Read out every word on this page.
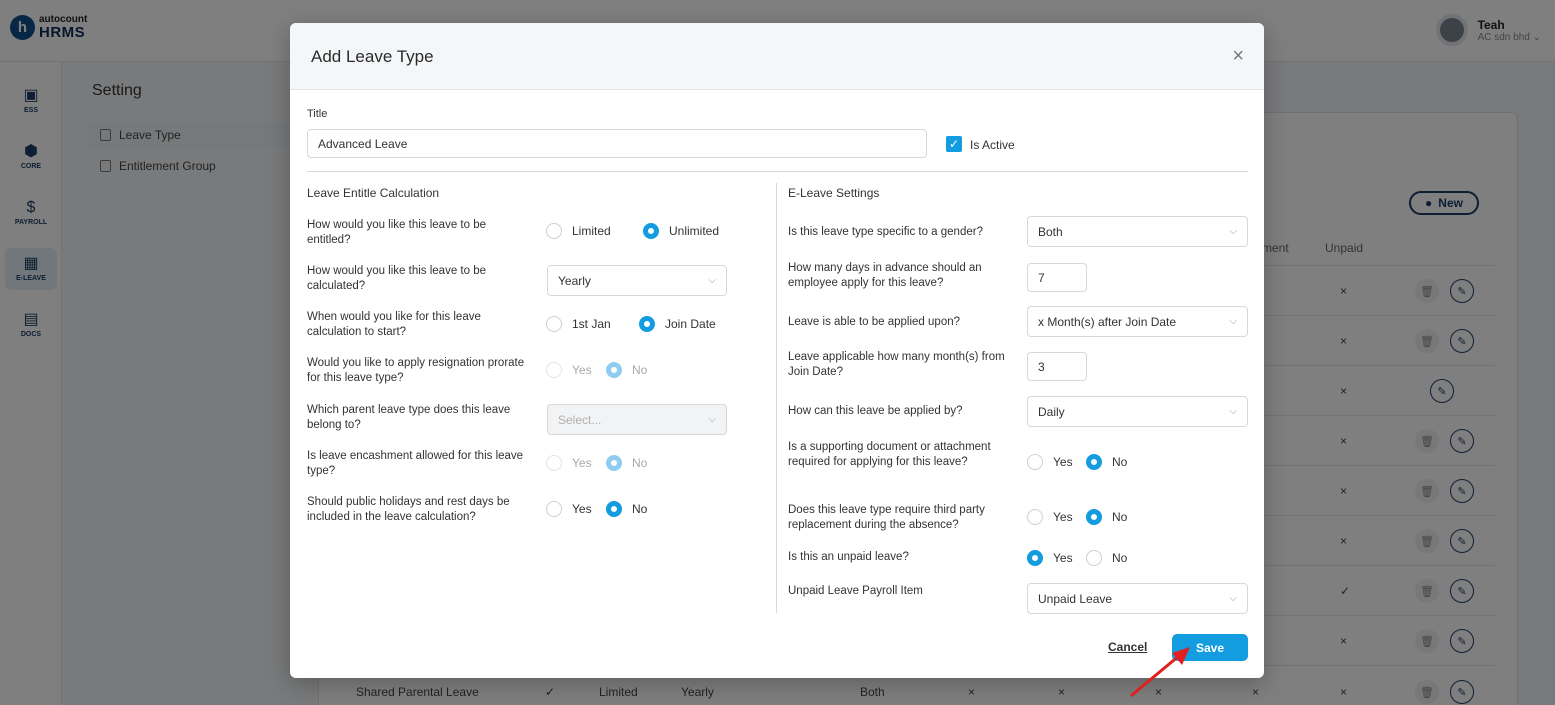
Add Leave Type	×
Title
Advanced Leave	✓ Is Active
Leave Entitle Calculation	E-Leave Settings
How would you like this leave to be entitled?
Limited	Unlimited
How would you like this leave to be calculated?	Yearly	⌵
When would you like for this leave calculation to start?
1st Jan	Join Date
Would you like to apply resignation prorate for this leave type?
Yes	No
Which parent leave type does this leave belong to?	Select...	⌵
Is leave encashment allowed for this leave type?
Yes	No
Should public holidays and rest days be included in the leave calculation?
Yes	No
Is this leave type specific to a gender?	Both	⌵
How many days in advance should an employee apply for this leave?	7
Leave is able to be applied upon?	x Month(s) after Join Date	⌵
Leave applicable how many month(s) from Join Date?	3
How can this leave be applied by?	Daily	⌵
Is a supporting document or attachment required for applying for this leave?	Yes	No
Does this leave type require third party replacement during the absence?
Yes	No
Is this an unpaid leave?	Yes	No
Unpaid Leave Payroll Item
Unpaid Leave	⌵
Cancel	Save
